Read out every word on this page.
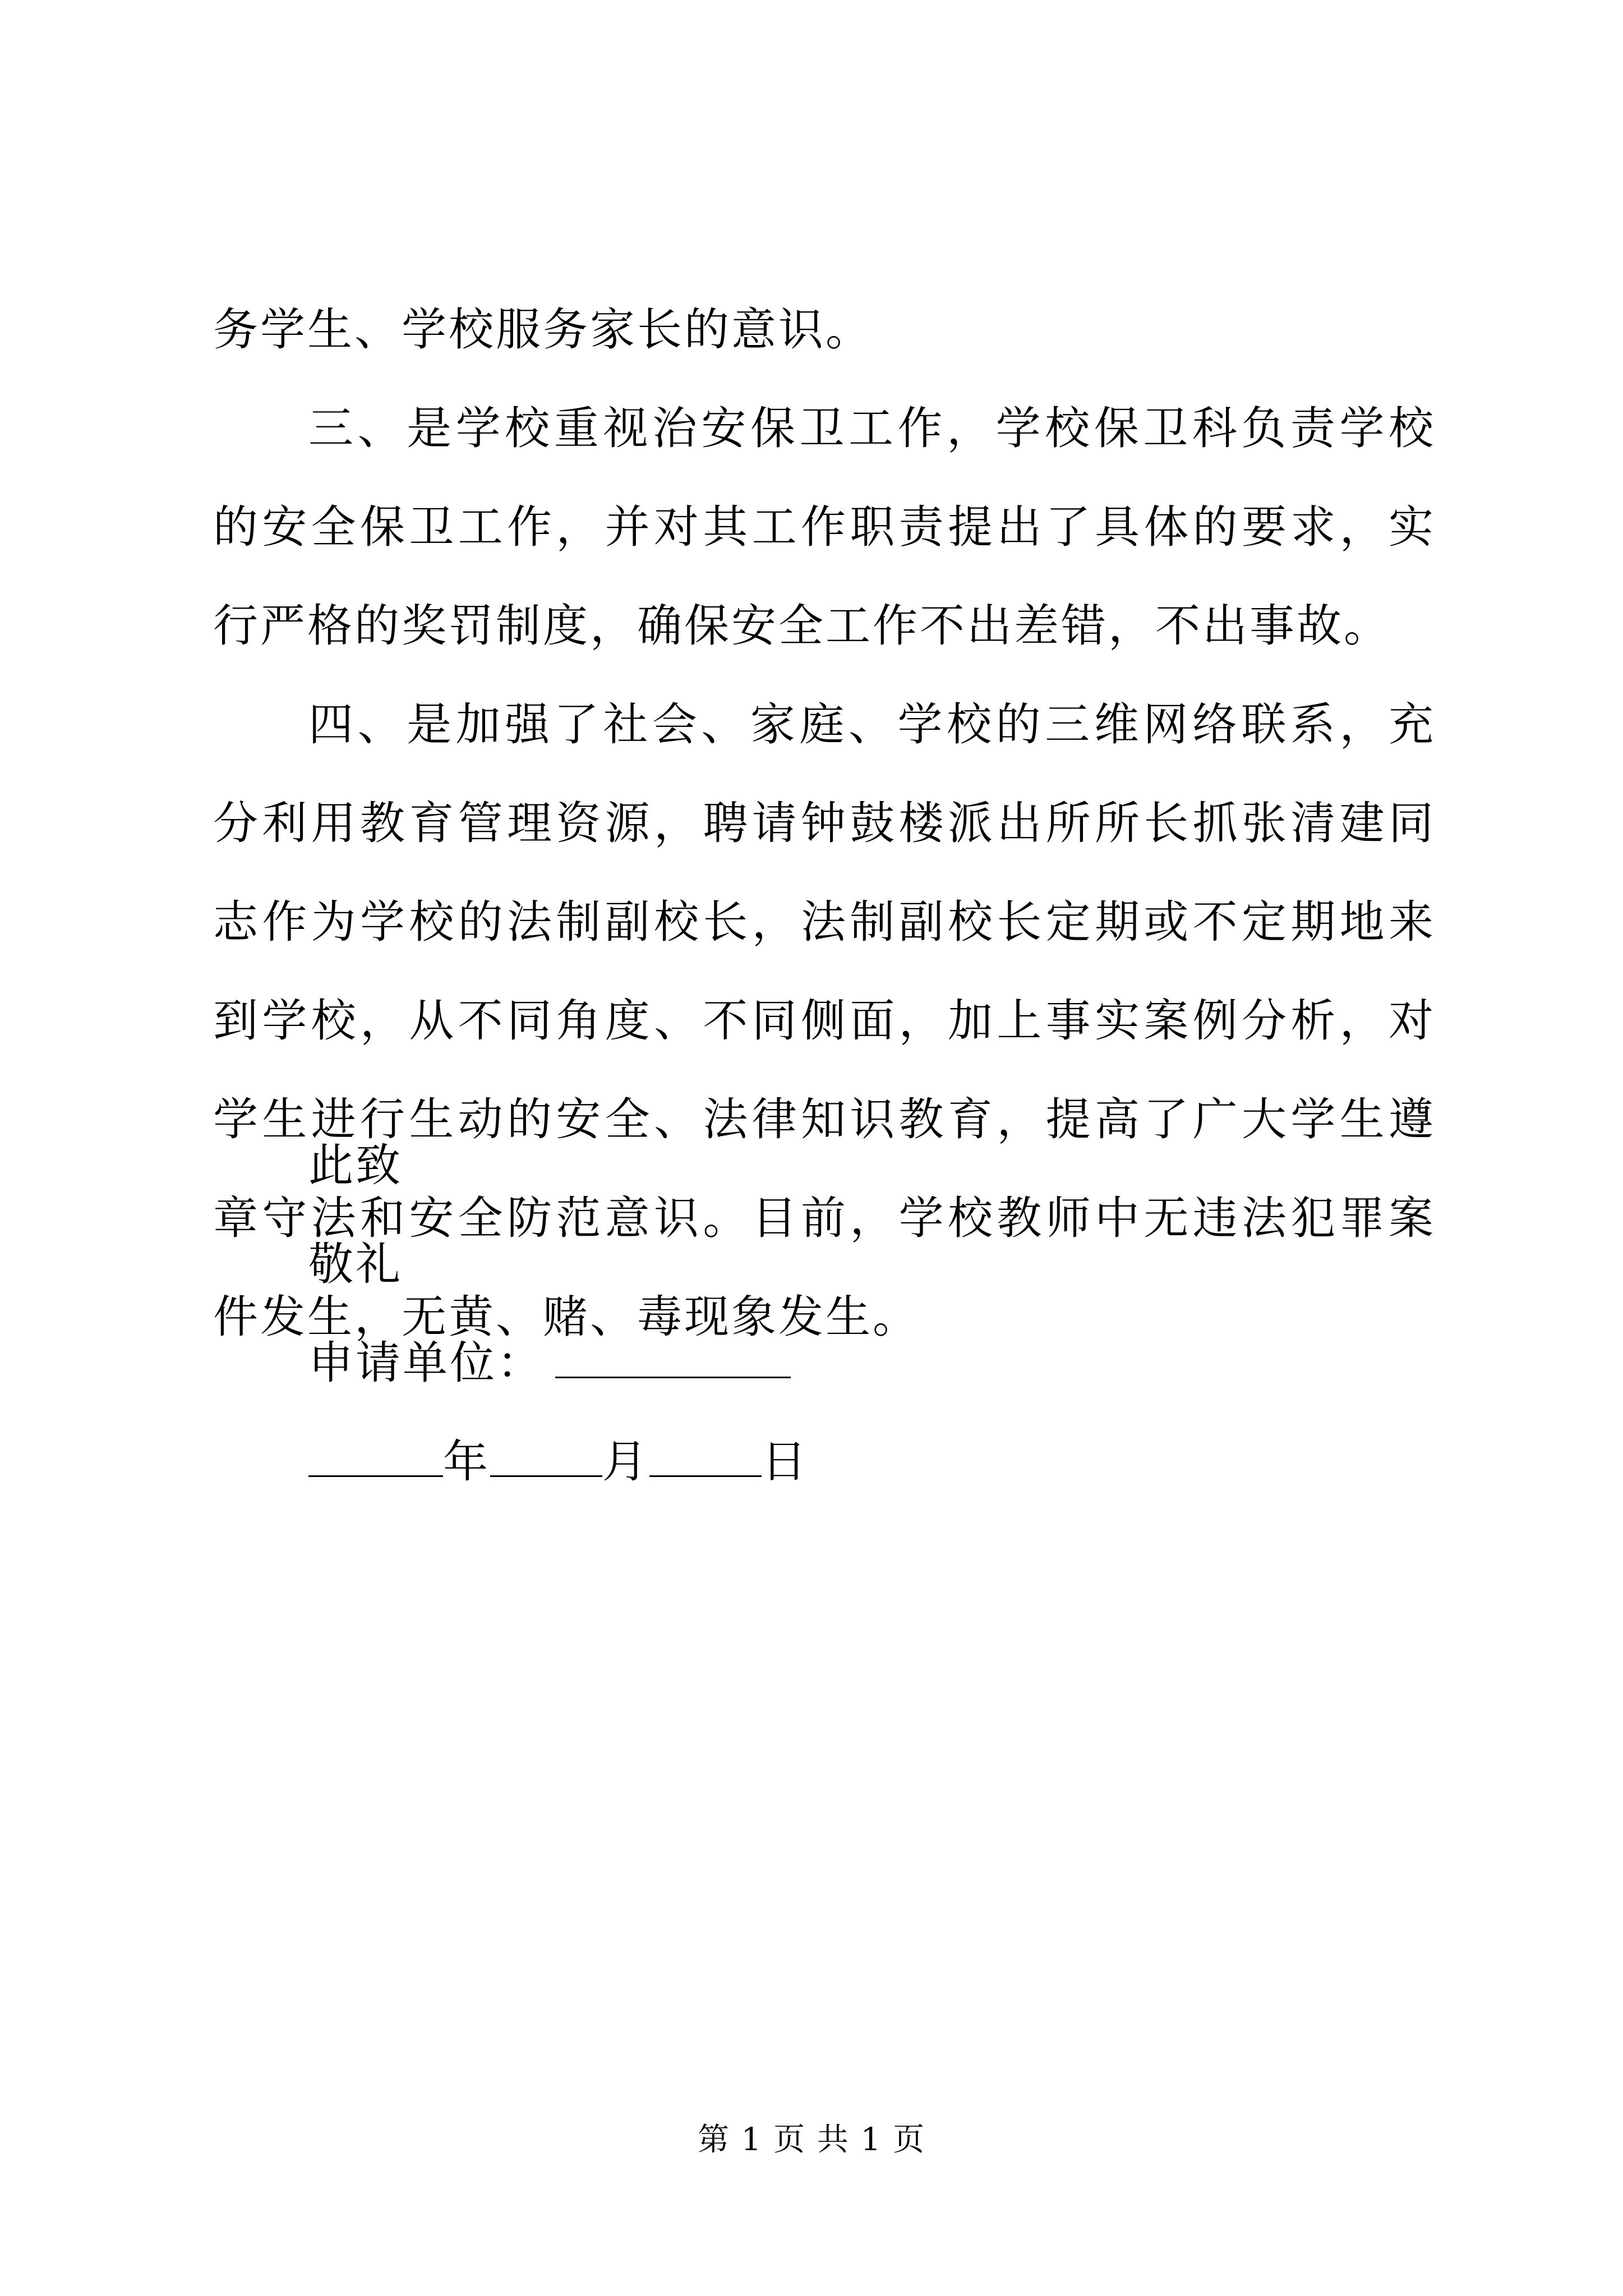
务学生、学校服务家长的意识。

三、是学校重视治安保卫工作，学校保卫科负责学校的安全保卫工作，并对其工作职责提出了具体的要求，实行严格的奖罚制度，确保安全工作不出差错，不出事故。

四、是加强了社会、家庭、学校的三维网络联系，充分利用教育管理资源，聘请钟鼓楼派出所所长抓张清建同志作为学校的法制副校长，法制副校长定期或不定期地来到学校，从不同角度、不同侧面，加上事实案例分析，对学生进行生动的安全、法律知识教育，提高了广大学生遵章守法和安全防范意识。目前，学校教师中无违法犯罪案件发生，无黄、赌、毒现象发生。

此致

敬礼

申请单位：

年	月	日

第 1 页 共 1 页
